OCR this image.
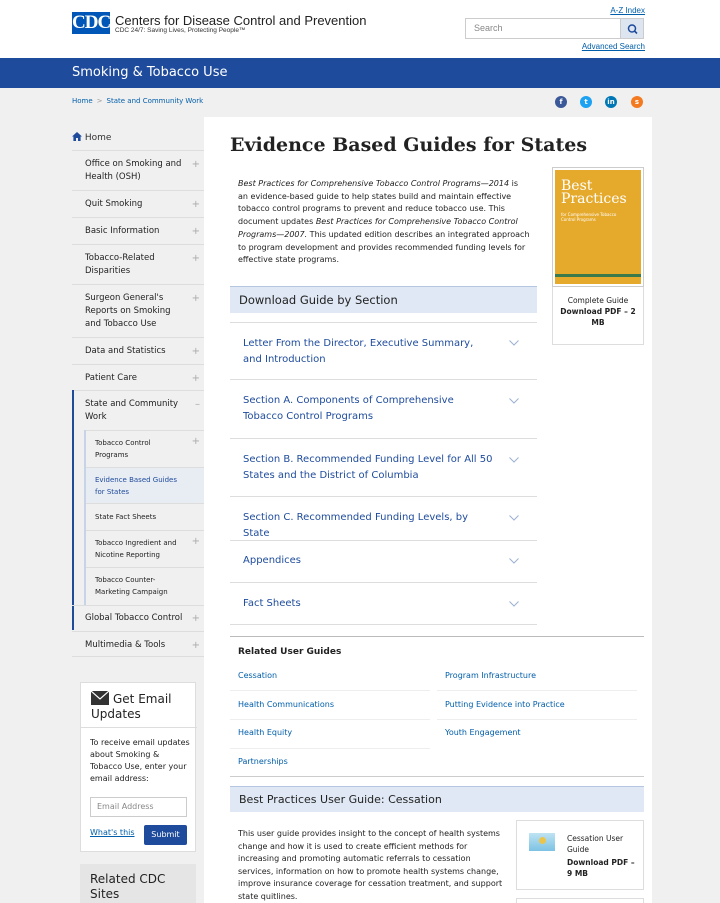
CDC Centers for Disease Control and Prevention
CDC 24/7: Saving Lives, Protecting People™
A-Z Index
Search
Advanced Search
Smoking & Tobacco Use
Home > State and Community Work	f	t	in	s
Home
Office on Smoking and Health (OSH)
+
Quit Smoking	+
Basic Information	+
Tobacco-Related Disparities
+
Surgeon General's Reports on Smoking and Tobacco Use
+
Data and Statistics	+
Patient Care	+
State and Community Work
–
Tobacco Control Programs
+
Evidence Based Guides for States
State Fact Sheets
Tobacco Ingredient and Nicotine Reporting
+
Tobacco Counter-Marketing Campaign
Global Tobacco Control +
Multimedia & Tools	+
Get Email Updates
To receive email updates about Smoking & Tobacco Use, enter your email address:
Email Address
What's this	Submit
Related CDC Sites
Evidence Based Guides for States
Best Practices for Comprehensive Tobacco Control Programs—2014 is an evidence-based guide to help states build and maintain effective tobacco control programs to prevent and reduce tobacco use. This document updates Best Practices for Comprehensive Tobacco Control Programs—2007. This updated edition describes an integrated approach to program development and provides recommended funding levels for effective state programs.
Best Practices
for Comprehensive Tobacco Control Programs
Complete Guide
Download PDF – 2 MB
Download Guide by Section
Letter From the Director, Executive Summary, and Introduction
Section A. Components of Comprehensive Tobacco Control Programs
Section B. Recommended Funding Level for All 50 States and the District of Columbia
Section C. Recommended Funding Levels, by State
Appendices
Fact Sheets
Related User Guides
Cessation	Program Infrastructure
Health Communications	Putting Evidence into Practice
Health Equity	Youth Engagement
Partnerships
Best Practices User Guide: Cessation
This user guide provides insight to the concept of health systems change and how it is used to create efficient methods for increasing and promoting automatic referrals to cessation services, information on how to promote health systems change, improve insurance coverage for cessation treatment, and support state quitlines.
Cessation User Guide
Download PDF – 9 MB
